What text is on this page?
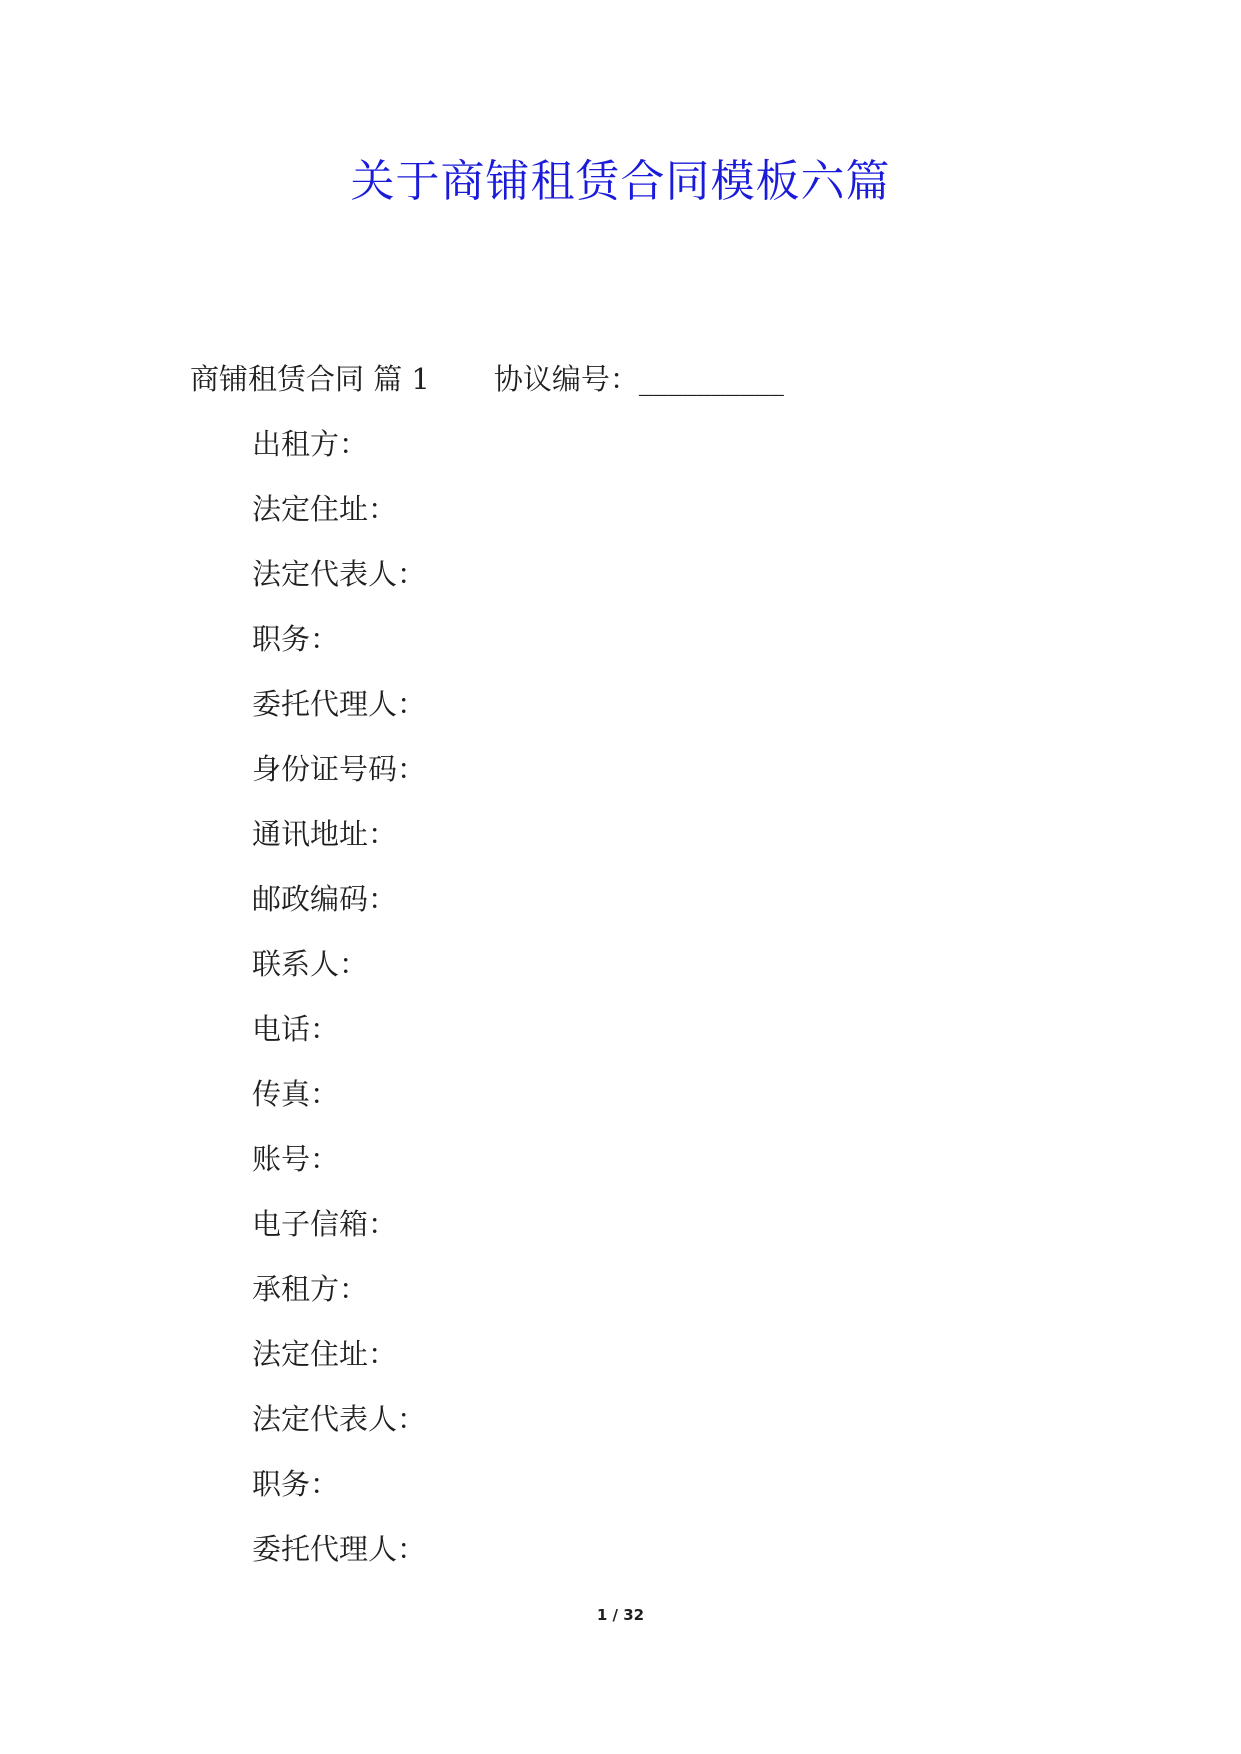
关于商铺租赁合同模板六篇
商铺租赁合同 篇 1 协议编号：__________
出租方：
法定住址：
法定代表人：
职务：
委托代理人：
身份证号码：
通讯地址：
邮政编码：
联系人：
电话：
传真：
账号：
电子信箱：
承租方：
法定住址：
法定代表人：
职务：
委托代理人：
1 / 32
